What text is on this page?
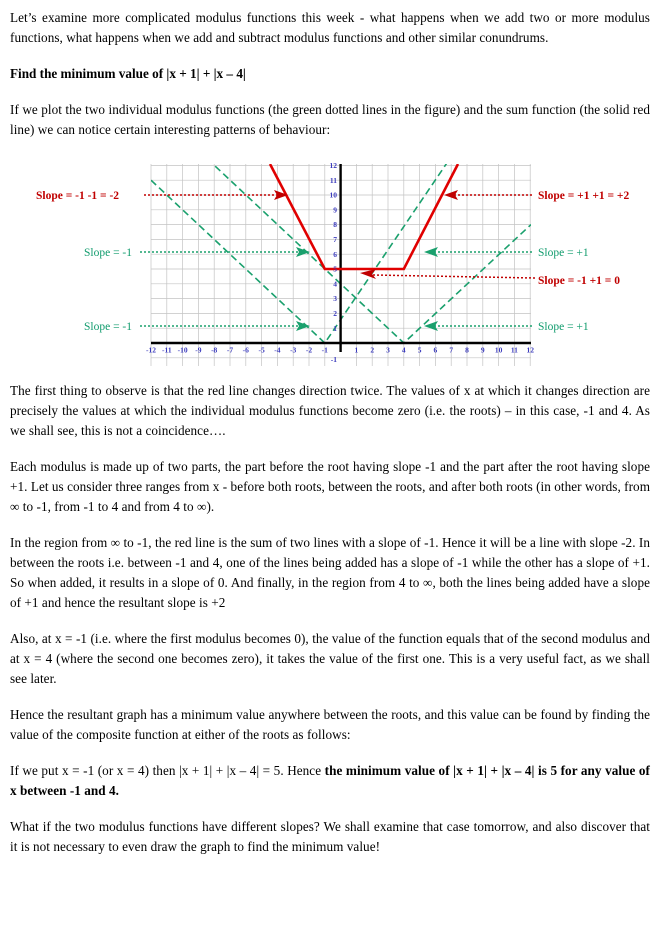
Let’s examine more complicated modulus functions this week - what happens when we add two or more modulus functions, what happens when we add and subtract modulus functions and other similar conundrums.

Find the minimum value of |x + 1| + |x – 4|

If we plot the two individual modulus functions (the green dotted lines in the figure) and the sum function (the solid red line) we can notice certain interesting patterns of behaviour:

-12 -11 -10 -9 -8 -7 -6 -5 -4 -3 -2 -1	1 2 3 4 5 6 7 8 9 10 11 12
12
11
10
9
8
7
6
5
4
3
2
1
-1
Slope = -1 -1 = -2	Slope = +1 +1 = +2
Slope = -1	Slope = +1
Slope = -1 +1 = 0
Slope = -1	Slope = +1

The first thing to observe is that the red line changes direction twice. The values of x at which it changes direction are precisely the values at which the individual modulus functions become zero (i.e. the roots) – in this case, -1 and 4. As we shall see, this is not a coincidence….

Each modulus is made up of two parts, the part before the root having slope -1 and the part after the root having slope +1. Let us consider three ranges from x - before both roots, between the roots, and after both roots (in other words, from ∞ to -1, from -1 to 4 and from 4 to ∞).

In the region from ∞ to -1, the red line is the sum of two lines with a slope of -1. Hence it will be a line with slope -2. In between the roots i.e. between -1 and 4, one of the lines being added has a slope of -1 while the other has a slope of +1. So when added, it results in a slope of 0. And finally, in the region from 4 to ∞, both the lines being added have a slope of +1 and hence the resultant slope is +2

Also, at x = -1 (i.e. where the first modulus becomes 0), the value of the function equals that of the second modulus and at x = 4 (where the second one becomes zero), it takes the value of the first one. This is a very useful fact, as we shall see later.

Hence the resultant graph has a minimum value anywhere between the roots, and this value can be found by finding the value of the composite function at either of the roots as follows:

If we put x = -1 (or x = 4) then |x + 1| + |x – 4| = 5. Hence the minimum value of |x + 1| + |x – 4| is 5 for any value of x between -1 and 4.

What if the two modulus functions have different slopes? We shall examine that case tomorrow, and also discover that it is not necessary to even draw the graph to find the minimum value!
